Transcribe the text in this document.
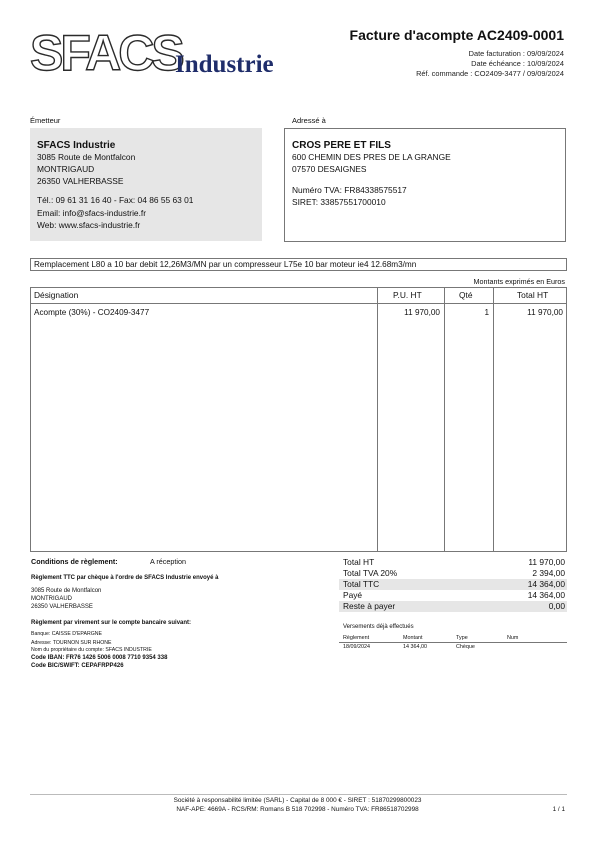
SFACS
Industrie
Facture d'acompte AC2409-0001
Date facturation : 09/09/2024
Date échéance : 10/09/2024
Réf. commande : CO2409-3477 / 09/09/2024
Émetteur
SFACS Industrie
3085 Route de Montfalcon
MONTRIGAUD
26350 VALHERBASSE
Tél.: 09 61 31 16 40 - Fax: 04 86 55 63 01
Email: info@sfacs-industrie.fr
Web: www.sfacs-industrie.fr
Adressé à
CROS PERE ET FILS
600 CHEMIN DES PRES DE LA GRANGE
07570 DESAIGNES
Numéro TVA: FR84338575517
SIRET: 33857551700010
Remplacement L80 a 10 bar debit 12,26M3/MN par un compresseur L75e 10 bar moteur ie4 12.68m3/mn
Montants exprimés en Euros
Désignation	P.U. HT	Qté	Total HT
Acompte (30%) - CO2409-3477	11 970,00	1	11 970,00
Conditions de règlement:	A réception
Règlement TTC par chèque à l'ordre de SFACS Industrie envoyé à
3085 Route de Montfalcon
MONTRIGAUD
26350 VALHERBASSE
Règlement par virement sur le compte bancaire suivant:
Banque: CAISSE D'EPARGNE
Adresse: TOURNON SUR RHONE
Nom du propriétaire du compte: SFACS INDUSTRIE
Code IBAN: FR76 1426 5006 0008 7710 9354 338
Code BIC/SWIFT: CEPAFRPP426
Total HT	11 970,00
Total TVA 20%	2 394,00
Total TTC	14 364,00
Payé	14 364,00
Reste à payer	0,00
Versements déjà effectués
Règlement	Montant	Type	Num
18/09/2024	14 364,00	Chèque
Société à responsabilité limitée (SARL) - Capital de 8 000 € - SIRET : 51870299800023
NAF-APE: 4669A - RCS/RM: Romans B 518 702998 - Numéro TVA: FR86518702998	1 / 1
